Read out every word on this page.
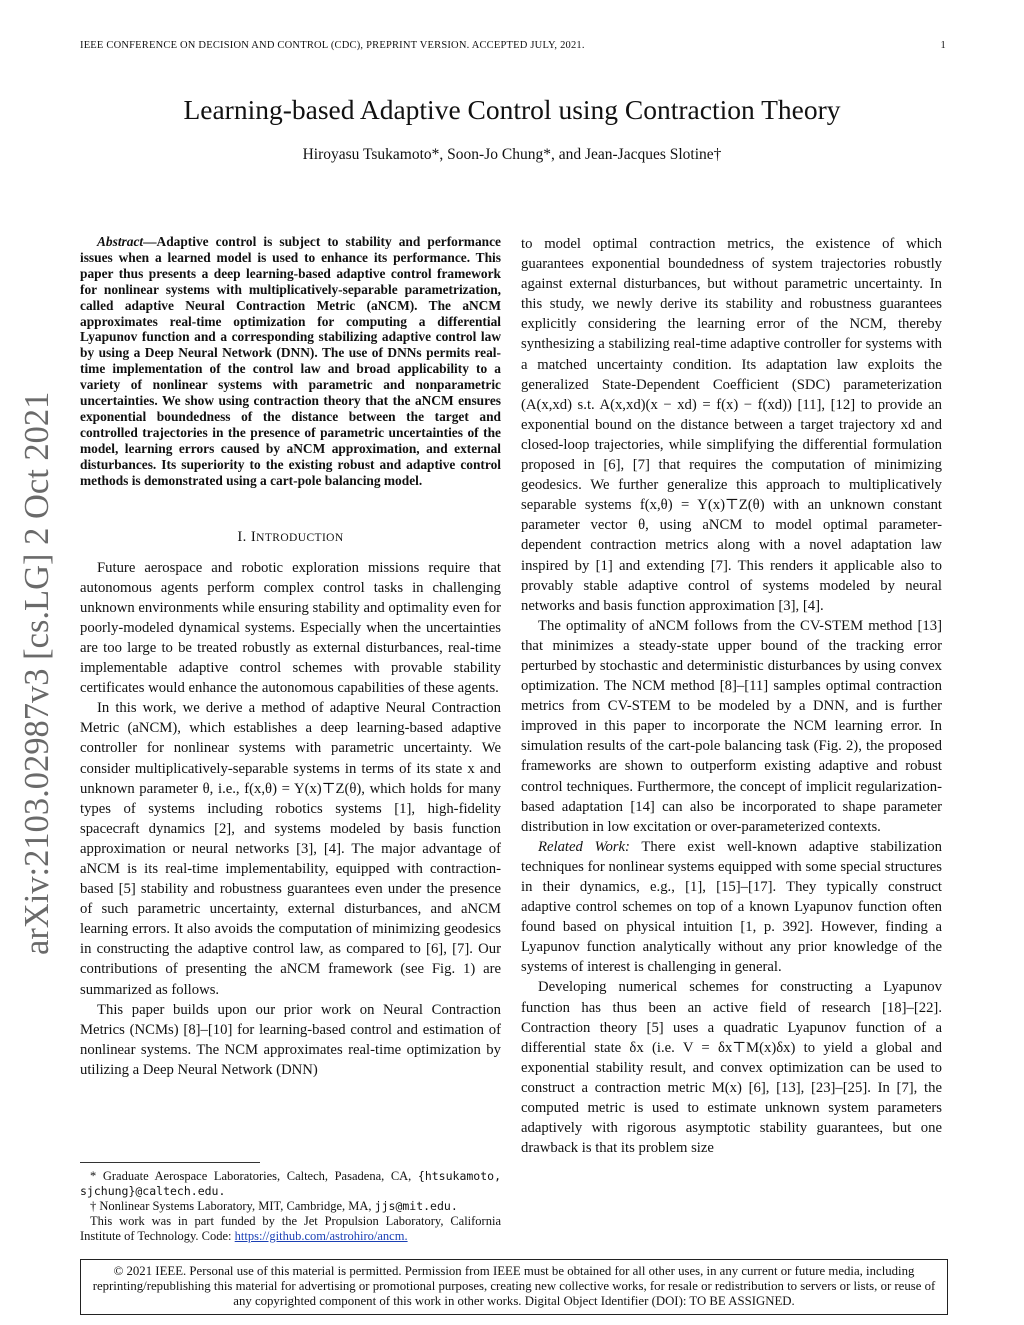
IEEE CONFERENCE ON DECISION AND CONTROL (CDC), PREPRINT VERSION. ACCEPTED JULY, 2021.	1
Learning-based Adaptive Control using Contraction Theory
Hiroyasu Tsukamoto*, Soon-Jo Chung*, and Jean-Jacques Slotine†
arXiv:2103.02987v3 [cs.LG] 2 Oct 2021

Abstract—Adaptive control is subject to stability and performance issues when a learned model is used to enhance its performance. This paper thus presents a deep learning-based adaptive control framework for nonlinear systems with multiplicatively-separable parametrization, called adaptive Neural Contraction Metric (aNCM). The aNCM approximates real-time optimization for computing a differential Lyapunov function and a corresponding stabilizing adaptive control law by using a Deep Neural Network (DNN). The use of DNNs permits real-time implementation of the control law and broad applicability to a variety of nonlinear systems with parametric and nonparametric uncertainties. We show using contraction theory that the aNCM ensures exponential boundedness of the distance between the target and controlled trajectories in the presence of parametric uncertainties of the model, learning errors caused by aNCM approximation, and external disturbances. Its superiority to the existing robust and adaptive control methods is demonstrated using a cart-pole balancing model.

I. INTRODUCTION

Future aerospace and robotic exploration missions require that autonomous agents perform complex control tasks in challenging unknown environments while ensuring stability and optimality even for poorly-modeled dynamical systems. Especially when the uncertainties are too large to be treated robustly as external disturbances, real-time implementable adaptive control schemes with provable stability certificates would enhance the autonomous capabilities of these agents.

In this work, we derive a method of adaptive Neural Contraction Metric (aNCM), which establishes a deep learning-based adaptive controller for nonlinear systems with parametric uncertainty. We consider multiplicatively-separable systems in terms of its state x and unknown parameter θ, i.e., f(x,θ) = Y(x)⊤Z(θ), which holds for many types of systems including robotics systems [1], high-fidelity spacecraft dynamics [2], and systems modeled by basis function approximation or neural networks [3], [4]. The major advantage of aNCM is its real-time implementability, equipped with contraction-based [5] stability and robustness guarantees even under the presence of such parametric uncertainty, external disturbances, and aNCM learning errors. It also avoids the computation of minimizing geodesics in constructing the adaptive control law, as compared to [6], [7]. Our contributions of presenting the aNCM framework (see Fig. 1) are summarized as follows.

This paper builds upon our prior work on Neural Contraction Metrics (NCMs) [8]–[10] for learning-based control and estimation of nonlinear systems. The NCM approximates real-time optimization by utilizing a Deep Neural Network (DNN)

* Graduate Aerospace Laboratories, Caltech, Pasadena, CA, {htsukamoto, sjchung}@caltech.edu.

† Nonlinear Systems Laboratory, MIT, Cambridge, MA, jjs@mit.edu.

This work was in part funded by the Jet Propulsion Laboratory, California Institute of Technology. Code: https://github.com/astrohiro/ancm.

to model optimal contraction metrics, the existence of which guarantees exponential boundedness of system trajectories robustly against external disturbances, but without parametric uncertainty. In this study, we newly derive its stability and robustness guarantees explicitly considering the learning error of the NCM, thereby synthesizing a stabilizing real-time adaptive controller for systems with a matched uncertainty condition. Its adaptation law exploits the generalized State-Dependent Coefficient (SDC) parameterization (A(x,xd) s.t. A(x,xd)(x − xd) = f(x) − f(xd)) [11], [12] to provide an exponential bound on the distance between a target trajectory xd and closed-loop trajectories, while simplifying the differential formulation proposed in [6], [7] that requires the computation of minimizing geodesics. We further generalize this approach to multiplicatively separable systems f(x,θ) = Y(x)⊤Z(θ) with an unknown constant parameter vector θ, using aNCM to model optimal parameter-dependent contraction metrics along with a novel adaptation law inspired by [1] and extending [7]. This renders it applicable also to provably stable adaptive control of systems modeled by neural networks and basis function approximation [3], [4].

The optimality of aNCM follows from the CV-STEM method [13] that minimizes a steady-state upper bound of the tracking error perturbed by stochastic and deterministic disturbances by using convex optimization. The NCM method [8]–[11] samples optimal contraction metrics from CV-STEM to be modeled by a DNN, and is further improved in this paper to incorporate the NCM learning error. In simulation results of the cart-pole balancing task (Fig. 2), the proposed frameworks are shown to outperform existing adaptive and robust control techniques. Furthermore, the concept of implicit regularization-based adaptation [14] can also be incorporated to shape parameter distribution in low excitation or over-parameterized contexts.

Related Work: There exist well-known adaptive stabilization techniques for nonlinear systems equipped with some special structures in their dynamics, e.g., [1], [15]–[17]. They typically construct adaptive control schemes on top of a known Lyapunov function often found based on physical intuition [1, p. 392]. However, finding a Lyapunov function analytically without any prior knowledge of the systems of interest is challenging in general.

Developing numerical schemes for constructing a Lyapunov function has thus been an active field of research [18]–[22]. Contraction theory [5] uses a quadratic Lyapunov function of a differential state δx (i.e. V = δx⊤M(x)δx) to yield a global and exponential stability result, and convex optimization can be used to construct a contraction metric M(x) [6], [13], [23]–[25]. In [7], the computed metric is used to estimate unknown system parameters adaptively with rigorous asymptotic stability guarantees, but one drawback is that its problem size

© 2021 IEEE. Personal use of this material is permitted. Permission from IEEE must be obtained for all other uses, in any current or future media, including reprinting/republishing this material for advertising or promotional purposes, creating new collective works, for resale or redistribution to servers or lists, or reuse of any copyrighted component of this work in other works. Digital Object Identifier (DOI): TO BE ASSIGNED.
